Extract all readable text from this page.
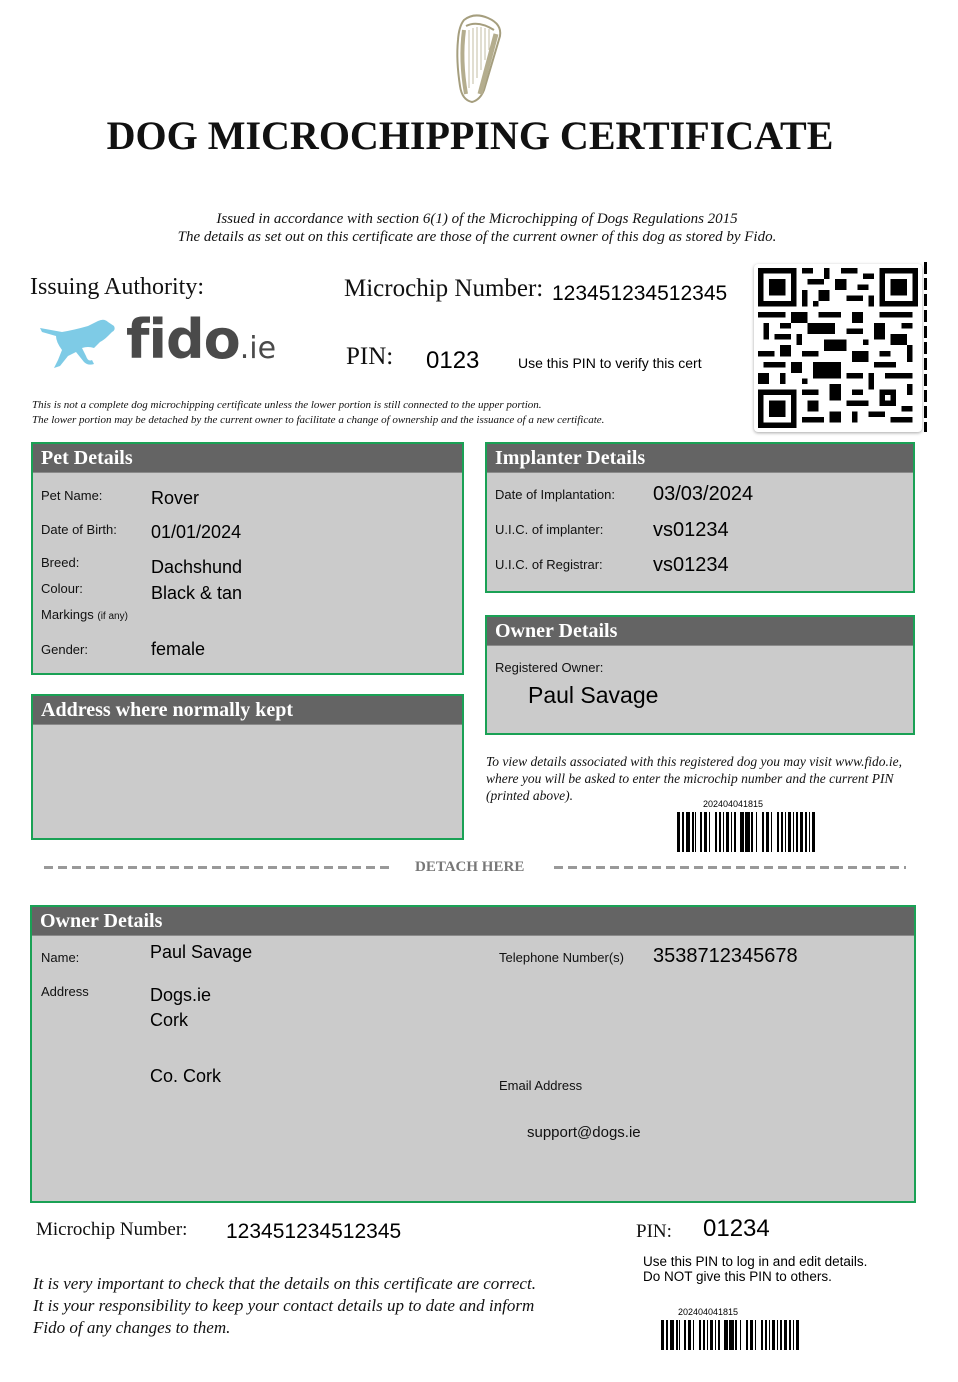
DOG MICROCHIPPING CERTIFICATE
Issued in accordance with section 6(1) of the Microchipping of Dogs Regulations 2015
The details as set out on this certificate are those of the current owner of this dog as stored by Fido.
Issuing Authority:
fido.ie
Microchip Number: 123451234512345
PIN: 0123	Use this PIN to verify this cert
This is not a complete dog microchipping certificate unless the lower portion is still connected to the upper portion.
The lower portion may be detached by the current owner to facilitate a change of ownership and the issuance of a new certificate.
Pet Details
Pet Name:	Rover
Date of Birth: 01/01/2024
Breed:	Dachshund
Colour:	Black & tan
Markings (if any)
Gender:	female
Address where normally kept
Implanter Details
Date of Implantation: 03/03/2024
U.I.C. of implanter: vs01234
U.I.C. of Registrar:	vs01234
Owner Details
Registered Owner:
Paul Savage
To view details associated with this registered dog you may visit www.fido.ie, where you will be asked to enter the microchip number and the current PIN (printed above).
202404041815
DETACH HERE
Owner Details
Name:	Paul Savage
Address	Dogs.ie
Cork
Co. Cork
Telephone Number(s) 3538712345678
Email Address
support@dogs.ie
Microchip Number: 123451234512345	PIN: 01234
Use this PIN to log in and edit details.
Do NOT give this PIN to others.
It is very important to check that the details on this certificate are correct.
It is your responsibility to keep your contact details up to date and inform
Fido of any changes to them.
202404041815
